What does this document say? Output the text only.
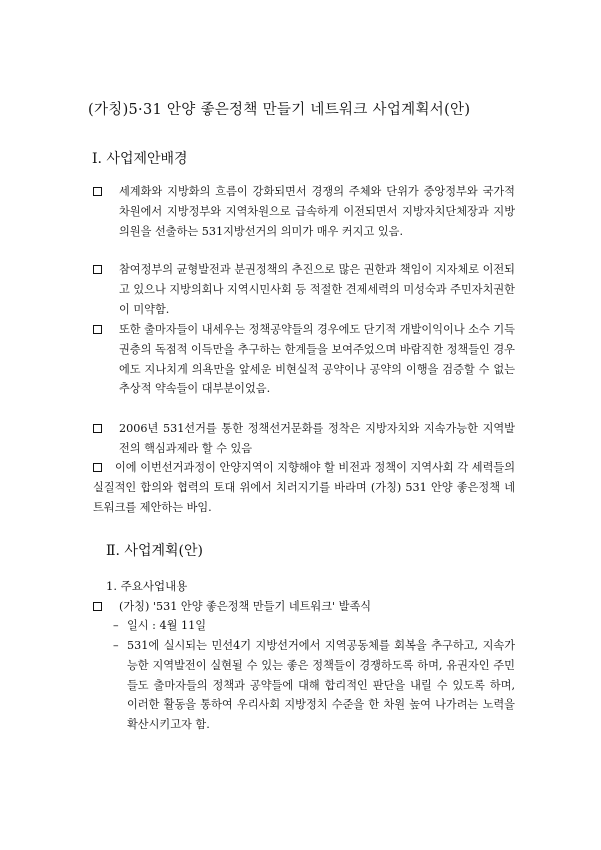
(가칭)5·31 안양 좋은정책 만들기 네트워크 사업계획서(안)
Ⅰ. 사업제안배경
세계화와 지방화의 흐름이 강화되면서 경쟁의 주체와 단위가 중앙정부와 국가적 차원에서 지방정부와 지역차원으로 급속하게 이전되면서 지방자치단체장과 지방의원을 선출하는 531지방선거의 의미가 매우 커지고 있음.
참여정부의 균형발전과 분권정책의 추진으로 많은 권한과 책임이 지자체로 이전되고 있으나 지방의회나 지역시민사회 등 적절한 견제세력의 미성숙과 주민자치권한이 미약함.
또한 출마자들이 내세우는 정책공약들의 경우에도 단기적 개발이익이나 소수 기득권층의 독점적 이득만을 추구하는 한계들을 보여주었으며 바람직한 정책들인 경우에도 지나치게 의욕만을 앞세운 비현실적 공약이나 공약의 이행을 검증할 수 없는 추상적 약속들이 대부분이었음.
2006년 531선거를 통한 정책선거문화를 정착은 지방자치와 지속가능한 지역발전의 핵심과제라 할 수 있음
이에 이번선거과정이 안양지역이 지향해야 할 비전과 정책이 지역사회 각 세력들의 실질적인 합의와 협력의 토대 위에서 치러지기를 바라며 (가칭) 531 안양 좋은정책 네트워크를 제안하는 바임.
Ⅱ. 사업계획(안)
1. 주요사업내용
(가칭) '531 안양 좋은정책 만들기 네트워크' 발족식
– 일시 : 4월 11일
– 531에 실시되는 민선4기 지방선거에서 지역공동체를 회복을 추구하고, 지속가능한 지역발전이 실현될 수 있는 좋은 정책들이 경쟁하도록 하며, 유권자인 주민들도 출마자들의 정책과 공약들에 대해 합리적인 판단을 내릴 수 있도록 하며, 이러한 활동을 통하여 우리사회 지방정치 수준을 한 차원 높여 나가려는 노력을 확산시키고자 함.
